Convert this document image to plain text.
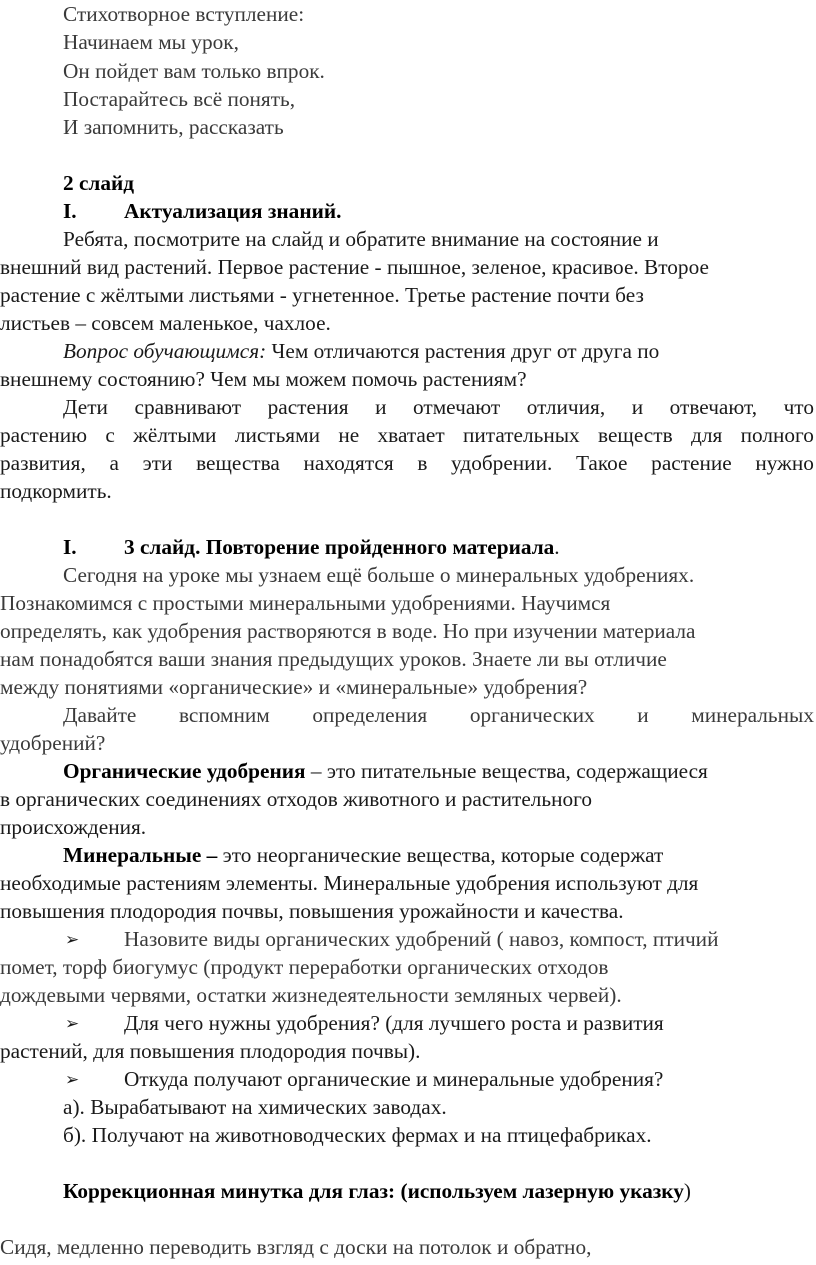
Стихотворное вступление:
Начинаем мы урок,
Он пойдет вам только впрок.
Постарайтесь всё понять,
И запомнить, рассказать
2 слайд
I. Актуализация знаний.
Ребята, посмотрите на слайд и обратите внимание на состояние и
внешний вид растений. Первое растение - пышное, зеленое, красивое. Второе
растение с жёлтыми листьями - угнетенное. Третье растение почти без
листьев – совсем маленькое, чахлое.
Вопрос обучающимся: Чем отличаются растения друг от друга по
внешнему состоянию? Чем мы можем помочь растениям?
Дети сравнивают растения и отмечают отличия, и отвечают, что
растению с жёлтыми листьями не хватает питательных веществ для полного
развития, а эти вещества находятся в удобрении. Такое растение нужно
подкормить.
I. 3 слайд. Повторение пройденного материала.
Сегодня на уроке мы узнаем ещё больше о минеральных удобрениях.
Познакомимся с простыми минеральными удобрениями. Научимся
определять, как удобрения растворяются в воде. Но при изучении материала
нам понадобятся ваши знания предыдущих уроков. Знаете ли вы отличие
между понятиями «органические» и «минеральные» удобрения?
Давайте вспомним определения органических и минеральных
удобрений?
Органические удобрения – это питательные вещества, содержащиеся
в органических соединениях отходов животного и растительного
происхождения.
Минеральные – это неорганические вещества, которые содержат
необходимые растениям элементы. Минеральные удобрения используют для
повышения плодородия почвы, повышения урожайности и качества.
➢ Назовите виды органических удобрений ( навоз, компост, птичий
помет, торф биогумус (продукт переработки органических отходов
дождевыми червями, остатки жизнедеятельности земляных червей).
➢ Для чего нужны удобрения? (для лучшего роста и развития
растений, для повышения плодородия почвы).
➢ Откуда получают органические и минеральные удобрения?
а). Вырабатывают на химических заводах.
б). Получают на животноводческих фермах и на птицефабриках.
Коррекционная минутка для глаз: (используем лазерную указку)
Сидя, медленно переводить взгляд с доски на потолок и обратно,
